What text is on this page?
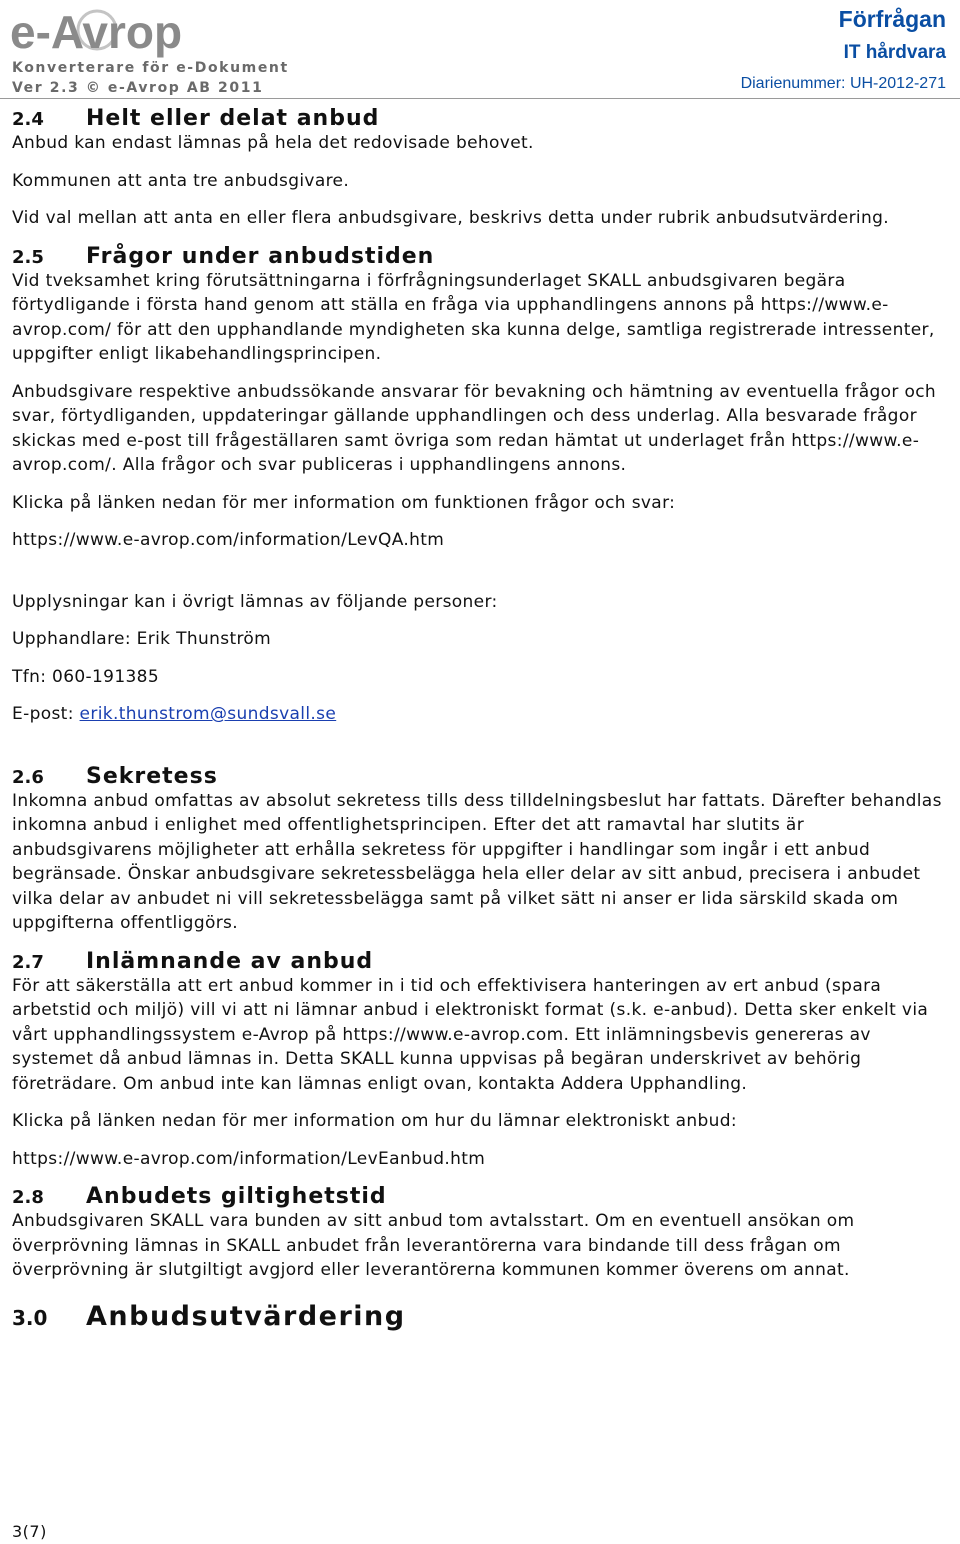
e-Avrop
Konverterare för e-Dokument
Ver 2.3 © e-Avrop AB 2011
Förfrågan
IT hårdvara
Diarienummer: UH-2012-271
2.4	Helt eller delat anbud

Anbud kan endast lämnas på hela det redovisade behovet.

Kommunen att anta tre anbudsgivare.

Vid val mellan att anta en eller flera anbudsgivare, beskrivs detta under rubrik anbudsutvärdering.

2.5	Frågor under anbudstiden

Vid tveksamhet kring förutsättningarna i förfrågningsunderlaget SKALL anbudsgivaren begära förtydligande i första hand genom att ställa en fråga via upphandlingens annons på https://www.e-avrop.com/ för att den upphandlande myndigheten ska kunna delge, samtliga registrerade intressenter, uppgifter enligt likabehandlingsprincipen.

Anbudsgivare respektive anbudssökande ansvarar för bevakning och hämtning av eventuella frågor och svar, förtydliganden, uppdateringar gällande upphandlingen och dess underlag. Alla besvarade frågor skickas med e-post till frågeställaren samt övriga som redan hämtat ut underlaget från https://www.e-avrop.com/. Alla frågor och svar publiceras i upphandlingens annons.

Klicka på länken nedan för mer information om funktionen frågor och svar:

https://www.e-avrop.com/information/LevQA.htm

Upplysningar kan i övrigt lämnas av följande personer:

Upphandlare: Erik Thunström

Tfn: 060-191385

E-post: erik.thunstrom@sundsvall.se

2.6	Sekretess

Inkomna anbud omfattas av absolut sekretess tills dess tilldelningsbeslut har fattats. Därefter behandlas inkomna anbud i enlighet med offentlighetsprincipen. Efter det att ramavtal har slutits är anbudsgivarens möjligheter att erhålla sekretess för uppgifter i handlingar som ingår i ett anbud begränsade. Önskar anbudsgivare sekretessbelägga hela eller delar av sitt anbud, precisera i anbudet vilka delar av anbudet ni vill sekretessbelägga samt på vilket sätt ni anser er lida särskild skada om uppgifterna offentliggörs.

2.7	Inlämnande av anbud

För att säkerställa att ert anbud kommer in i tid och effektivisera hanteringen av ert anbud (spara arbetstid och miljö) vill vi att ni lämnar anbud i elektroniskt format (s.k. e-anbud). Detta sker enkelt via vårt upphandlingssystem e-Avrop på https://www.e-avrop.com. Ett inlämningsbevis genereras av systemet då anbud lämnas in. Detta SKALL kunna uppvisas på begäran underskrivet av behörig företrädare. Om anbud inte kan lämnas enligt ovan, kontakta Addera Upphandling.

Klicka på länken nedan för mer information om hur du lämnar elektroniskt anbud:

https://www.e-avrop.com/information/LevEanbud.htm

2.8	Anbudets giltighetstid

Anbudsgivaren SKALL vara bunden av sitt anbud tom avtalsstart. Om en eventuell ansökan om överprövning lämnas in SKALL anbudet från leverantörerna vara bindande till dess frågan om överprövning är slutgiltigt avgjord eller leverantörerna kommunen kommer överens om annat.

3.0	Anbudsutvärdering
3(7)
